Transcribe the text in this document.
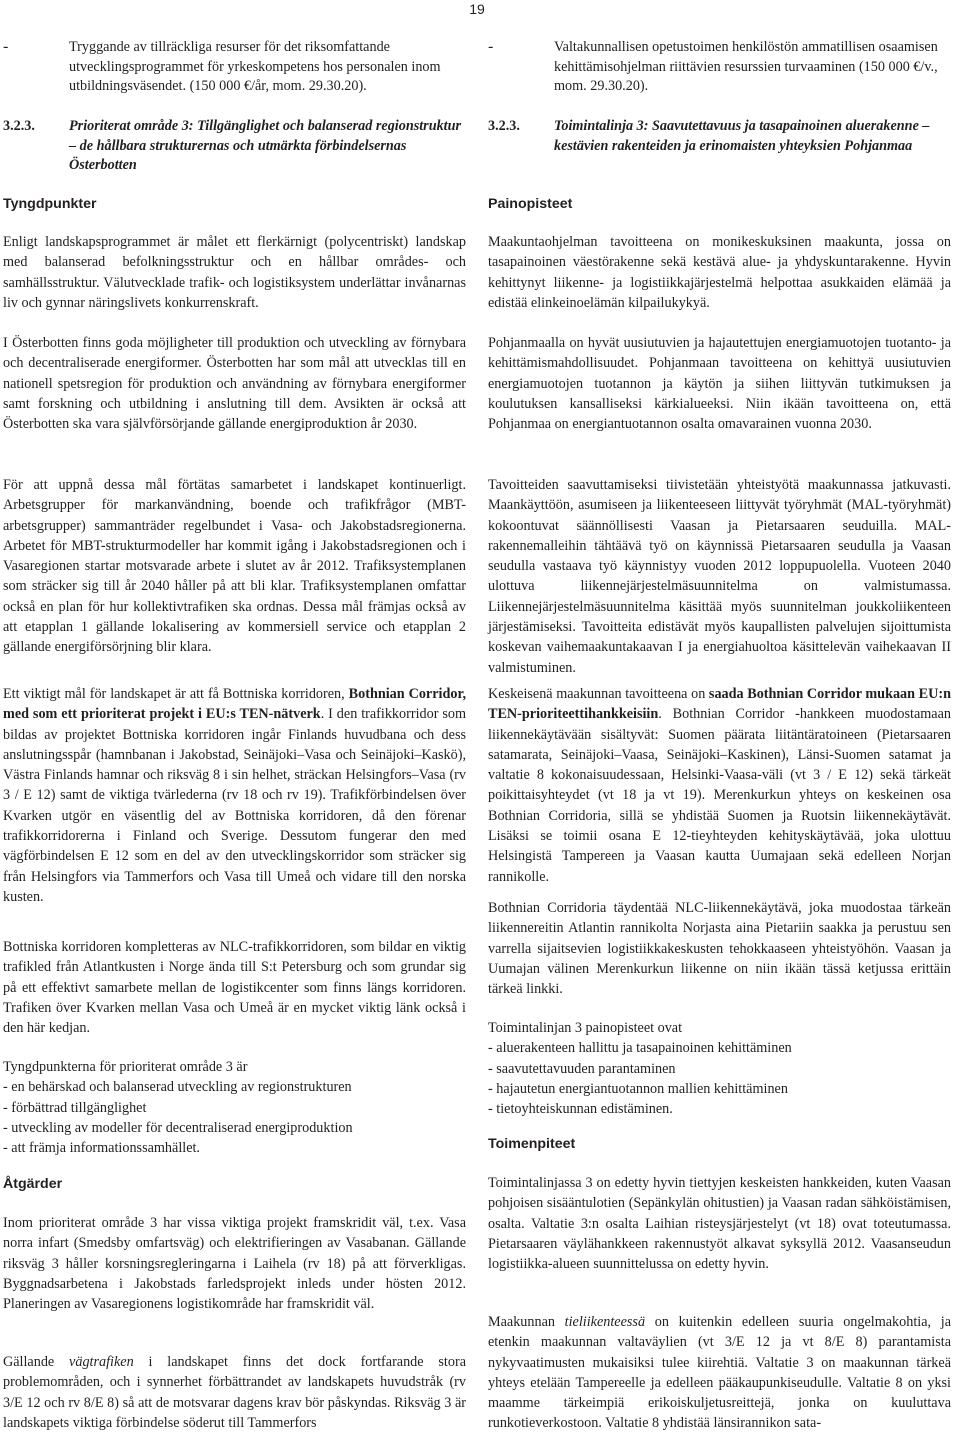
19
-	Tryggande av tillräckliga resurser för det riksomfattande utvecklingsprogrammet för yrkeskompetens hos personalen inom utbildningsväsendet. (150 000 €/år, mom. 29.30.20).
3.2.3.	Prioriterat område 3: Tillgänglighet och balanserad regionstruktur – de hållbara strukturernas och utmärkta förbindelsernas Österbotten
Tyngdpunkter

Enligt landskapsprogrammet är målet ett flerkärnigt (polycentriskt) landskap med balanserad befolkningsstruktur och en hållbar områdes- och samhällsstruktur. Välutvecklade trafik- och logistiksystem underlättar invånarnas liv och gynnar näringslivets konkurrenskraft.

I Österbotten finns goda möjligheter till produktion och utveckling av förnybara och decentraliserade energiformer. Österbotten har som mål att utvecklas till en nationell spetsregion för produktion och användning av förnybara energiformer samt forskning och utbildning i anslutning till dem. Avsikten är också att Österbotten ska vara självförsörjande gällande energiproduktion år 2030.

För att uppnå dessa mål förtätas samarbetet i landskapet kontinuerligt. Arbetsgrupper för markanvändning, boende och trafikfrågor (MBT-arbetsgrupper) sammanträder regelbundet i Vasa- och Jakobstadsregionerna. Arbetet för MBT-strukturmodeller har kommit igång i Jakobstadsregionen och i Vasaregionen startar motsvarade arbete i slutet av år 2012. Trafiksystemplanen som sträcker sig till år 2040 håller på att bli klar. Trafiksystemplanen omfattar också en plan för hur kollektivtrafiken ska ordnas. Dessa mål främjas också av att etapplan 1 gällande lokalisering av kommersiell service och etapplan 2 gällande energiförsörjning blir klara.

Ett viktigt mål för landskapet är att få Bottniska korridoren, Bothnian Corridor, med som ett prioriterat projekt i EU:s TEN-nätverk. I den trafikkorridor som bildas av projektet Bottniska korridoren ingår Finlands huvudbana och dess anslutningsspår (hamnbanan i Jakobstad, Seinäjoki–Vasa och Seinäjoki–Kaskö), Västra Finlands hamnar och riksväg 8 i sin helhet, sträckan Helsingfors–Vasa (rv 3 / E 12) samt de viktiga tvärlederna (rv 18 och rv 19). Trafikförbindelsen över Kvarken utgör en väsentlig del av Bottniska korridoren, då den förenar trafikkorridorerna i Finland och Sverige. Dessutom fungerar den med vägförbindelsen E 12 som en del av den utvecklingskorridor som sträcker sig från Helsingfors via Tammerfors och Vasa till Umeå och vidare till den norska kusten.

Bottniska korridoren kompletteras av NLC-trafikkorridoren, som bildar en viktig trafikled från Atlantkusten i Norge ända till S:t Petersburg och som grundar sig på ett effektivt samarbete mellan de logistikcenter som finns längs korridoren. Trafiken över Kvarken mellan Vasa och Umeå är en mycket viktig länk också i den här kedjan.

Tyngdpunkterna för prioriterat område 3 är
- en behärskad och balanserad utveckling av regionstrukturen
- förbättrad tillgänglighet
- utveckling av modeller för decentraliserad energiproduktion
- att främja informationssamhället.
Åtgärder

Inom prioriterat område 3 har vissa viktiga projekt framskridit väl, t.ex. Vasa norra infart (Smedsby omfartsväg) och elektrifieringen av Vasabanan. Gällande riksväg 3 håller korsningsregleringarna i Laihela (rv 18) på att förverkligas. Byggnadsarbetena i Jakobstads farledsprojekt inleds under hösten 2012. Planeringen av Vasaregionens logistikområde har framskridit väl.

Gällande vägtrafiken i landskapet finns det dock fortfarande stora problemområden, och i synnerhet förbättrandet av landskapets huvudstråk (rv 3/E 12 och rv 8/E 8) så att de motsvarar dagens krav bör påskyndas. Riksväg 3 är landskapets viktiga förbindelse söderut till Tammerfors

-	Valtakunnallisen opetustoimen henkilöstön ammatillisen osaamisen kehittämisohjelman riittävien resurssien turvaaminen (150 000 €/v., mom. 29.30.20).
3.2.3.	Toimintalinja 3: Saavutettavuus ja tasapainoinen aluerakenne – kestävien rakenteiden ja erinomaisten yhteyksien Pohjanmaa
Painopisteet

Maakuntaohjelman tavoitteena on monikeskuksinen maakunta, jossa on tasapainoinen väestörakenne sekä kestävä alue- ja yhdyskuntarakenne. Hyvin kehittynyt liikenne- ja logistiikkajärjestelmä helpottaa asukkaiden elämää ja edistää elinkeinoelämän kilpailukykyä.

Pohjanmaalla on hyvät uusiutuvien ja hajautettujen energiamuotojen tuotanto- ja kehittämismahdollisuudet. Pohjanmaan tavoitteena on kehittyä uusiutuvien energiamuotojen tuotannon ja käytön ja siihen liittyvän tutkimuksen ja koulutuksen kansalliseksi kärkialueeksi. Niin ikään tavoitteena on, että Pohjanmaa on energiantuotannon osalta omavarainen vuonna 2030.

Tavoitteiden saavuttamiseksi tiivistetään yhteistyötä maakunnassa jatkuvasti. Maankäyttöön, asumiseen ja liikenteeseen liittyvät työryhmät (MAL-työryhmät) kokoontuvat säännöllisesti Vaasan ja Pietarsaaren seuduilla. MAL-rakennemalleihin tähtäävä työ on käynnissä Pietarsaaren seudulla ja Vaasan seudulla vastaava työ käynnistyy vuoden 2012 loppupuolella. Vuoteen 2040 ulottuva liikennejärjestelmäsuunnitelma on valmistumassa. Liikennejärjestelmäsuunnitelma käsittää myös suunnitelman joukkoliikenteen järjestämiseksi. Tavoitteita edistävät myös kaupallisten palvelujen sijoittumista koskevan vaihemaakuntakaavan I ja energiahuoltoa käsittelevän vaihekaavan II valmistuminen.

Keskeisenä maakunnan tavoitteena on saada Bothnian Corridor mukaan EU:n TEN-prioriteettihankkeisiin. Bothnian Corridor -hankkeen muodostamaan liikennekäytävään sisältyvät: Suomen päärata liitäntäratoineen (Pietarsaaren satamarata, Seinäjoki–Vaasa, Seinäjoki–Kaskinen), Länsi-Suomen satamat ja valtatie 8 kokonaisuudessaan, Helsinki-Vaasa-väli (vt 3 / E 12) sekä tärkeät poikittaisyhteydet (vt 18 ja vt 19). Merenkurkun yhteys on keskeinen osa Bothnian Corridoria, sillä se yhdistää Suomen ja Ruotsin liikennekäytävät. Lisäksi se toimii osana E 12-tieyhteyden kehityskäytävää, joka ulottuu Helsingistä Tampereen ja Vaasan kautta Uumajaan sekä edelleen Norjan rannikolle.

Bothnian Corridoria täydentää NLC-liikennekäytävä, joka muodostaa tärkeän liikennereitin Atlantin rannikolta Norjasta aina Pietariin saakka ja perustuu sen varrella sijaitsevien logistiikkakeskusten tehokkaaseen yhteistyöhön. Vaasan ja Uumajan välinen Merenkurkun liikenne on niin ikään tässä ketjussa erittäin tärkeä linkki.

Toimintalinjan 3 painopisteet ovat
- aluerakenteen hallittu ja tasapainoinen kehittäminen
- saavutettavuuden parantaminen
- hajautetun energiantuotannon mallien kehittäminen
- tietoyhteiskunnan edistäminen.
Toimenpiteet

Toimintalinjassa 3 on edetty hyvin tiettyjen keskeisten hankkeiden, kuten Vaasan pohjoisen sisääntulotien (Sepänkylän ohitustien) ja Vaasan radan sähköistämisen, osalta. Valtatie 3:n osalta Laihian risteysjärjestelyt (vt 18) ovat toteutumassa. Pietarsaaren väylähankkeen rakennustyöt alkavat syksyllä 2012. Vaasanseudun logistiikka-alueen suunnittelussa on edetty hyvin.

Maakunnan tieliikenteessä on kuitenkin edelleen suuria ongelmakohtia, ja etenkin maakunnan valtaväylien (vt 3/E 12 ja vt 8/E 8) parantamista nykyvaatimusten mukaisiksi tulee kiirehtiä. Valtatie 3 on maakunnan tärkeä yhteys etelään Tampereelle ja edelleen pääkaupunkiseudulle. Valtatie 8 on yksi maamme tärkeimpiä erikoiskuljetusreittejä, jonka on kuuluttava runkotieverkostoon. Valtatie 8 yhdistää länsirannikon sata-
